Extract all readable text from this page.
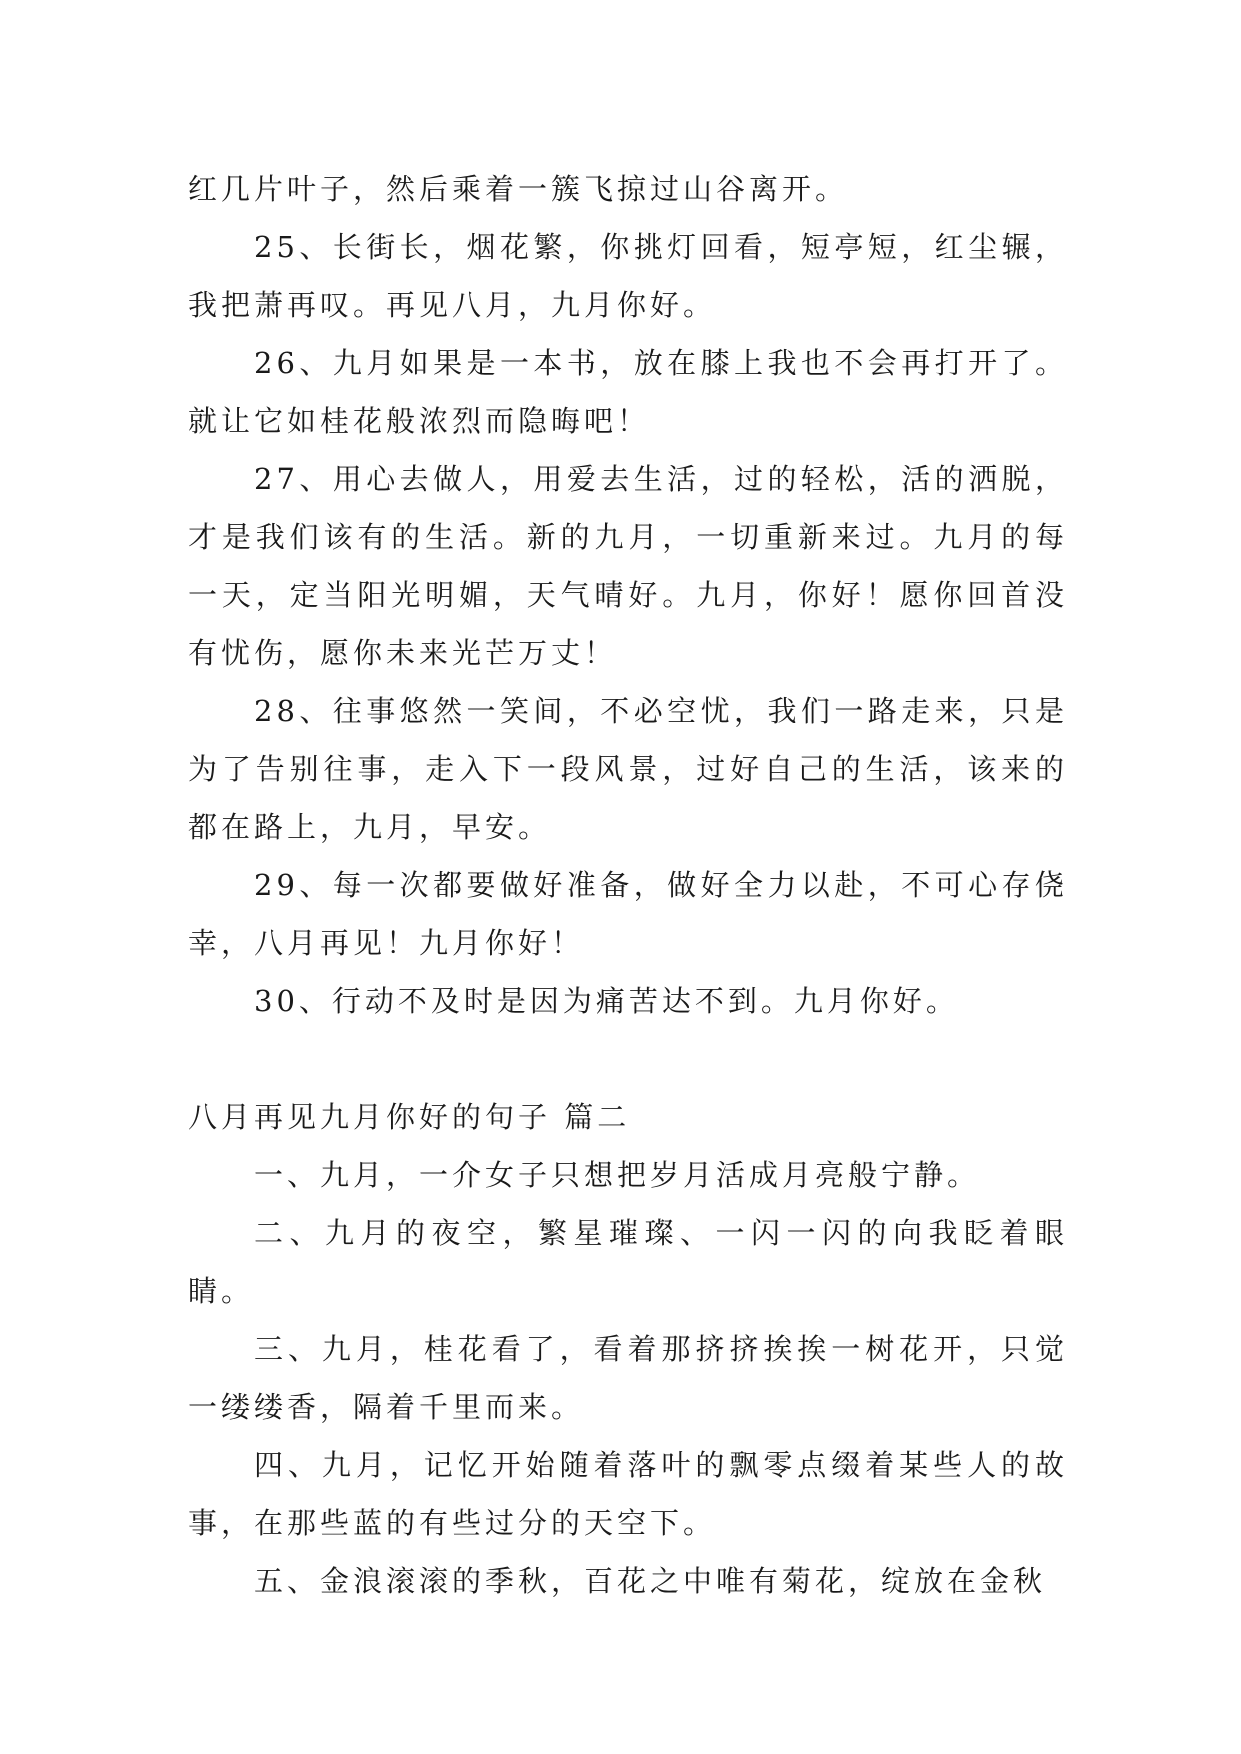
红几片叶子，然后乘着一簇飞掠过山谷离开。

25、长街长，烟花繁，你挑灯回看，短亭短，红尘辗，我把萧再叹。再见八月，九月你好。

26、九月如果是一本书，放在膝上我也不会再打开了。就让它如桂花般浓烈而隐晦吧！

27、用心去做人，用爱去生活，过的轻松，活的洒脱，才是我们该有的生活。新的九月，一切重新来过。九月的每一天，定当阳光明媚，天气晴好。九月，你好！愿你回首没有忧伤，愿你未来光芒万丈！

28、往事悠然一笑间，不必空忧，我们一路走来，只是为了告别往事，走入下一段风景，过好自己的生活，该来的都在路上，九月，早安。

29、每一次都要做好准备，做好全力以赴，不可心存侥幸，八月再见！九月你好！

30、行动不及时是因为痛苦达不到。九月你好。

八月再见九月你好的句子 篇二

一、九月，一介女子只想把岁月活成月亮般宁静。

二、九月的夜空，繁星璀璨、一闪一闪的向我眨着眼睛。

三、九月，桂花看了，看着那挤挤挨挨一树花开，只觉一缕缕香，隔着千里而来。

四、九月，记忆开始随着落叶的飘零点缀着某些人的故事，在那些蓝的有些过分的天空下。

五、金浪滚滚的季秋，百花之中唯有菊花，绽放在金秋
